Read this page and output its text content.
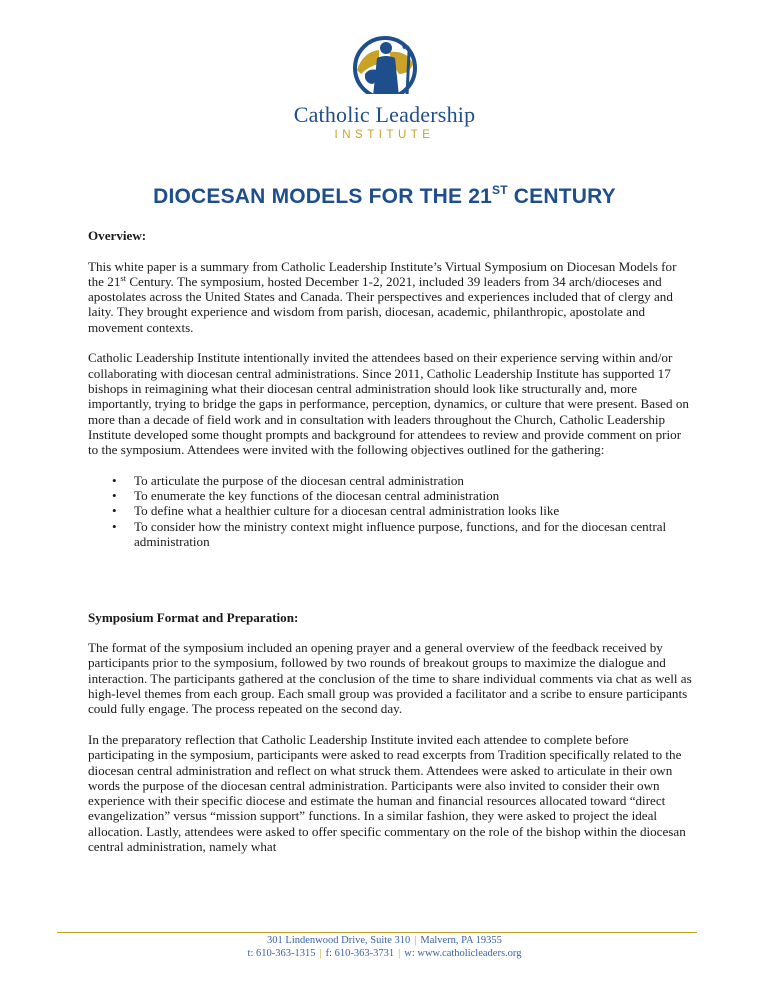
Catholic Leadership
INSTITUTE
DIOCESAN MODELS FOR THE 21ST CENTURY
Overview:

This white paper is a summary from Catholic Leadership Institute’s Virtual Symposium on Diocesan Models for the 21st Century. The symposium, hosted December 1-2, 2021, included 39 leaders from 34 arch/dioceses and apostolates across the United States and Canada. Their perspectives and experiences included that of clergy and laity. They brought experience and wisdom from parish, diocesan, academic, philanthropic, apostolate and movement contexts.

Catholic Leadership Institute intentionally invited the attendees based on their experience serving within and/or collaborating with diocesan central administrations. Since 2011, Catholic Leadership Institute has supported 17 bishops in reimagining what their diocesan central administration should look like structurally and, more importantly, trying to bridge the gaps in performance, perception, dynamics, or culture that were present. Based on more than a decade of field work and in consultation with leaders throughout the Church, Catholic Leadership Institute developed some thought prompts and background for attendees to review and provide comment on prior to the symposium. Attendees were invited with the following objectives outlined for the gathering:

• To articulate the purpose of the diocesan central administration
• To enumerate the key functions of the diocesan central administration
• To define what a healthier culture for a diocesan central administration looks like
• To consider how the ministry context might influence purpose, functions, and for the diocesan central administration
Symposium Format and Preparation:

The format of the symposium included an opening prayer and a general overview of the feedback received by participants prior to the symposium, followed by two rounds of breakout groups to maximize the dialogue and interaction. The participants gathered at the conclusion of the time to share individual comments via chat as well as high-level themes from each group. Each small group was provided a facilitator and a scribe to ensure participants could fully engage. The process repeated on the second day.

In the preparatory reflection that Catholic Leadership Institute invited each attendee to complete before participating in the symposium, participants were asked to read excerpts from Tradition specifically related to the diocesan central administration and reflect on what struck them. Attendees were asked to articulate in their own words the purpose of the diocesan central administration. Participants were also invited to consider their own experience with their specific diocese and estimate the human and financial resources allocated toward “direct evangelization” versus “mission support” functions. In a similar fashion, they were asked to project the ideal allocation. Lastly, attendees were asked to offer specific commentary on the role of the bishop within the diocesan central administration, namely what

301 Lindenwood Drive, Suite 310 | Malvern, PA 19355
t: 610-363-1315 | f: 610-363-3731 | w: www.catholicleaders.org
